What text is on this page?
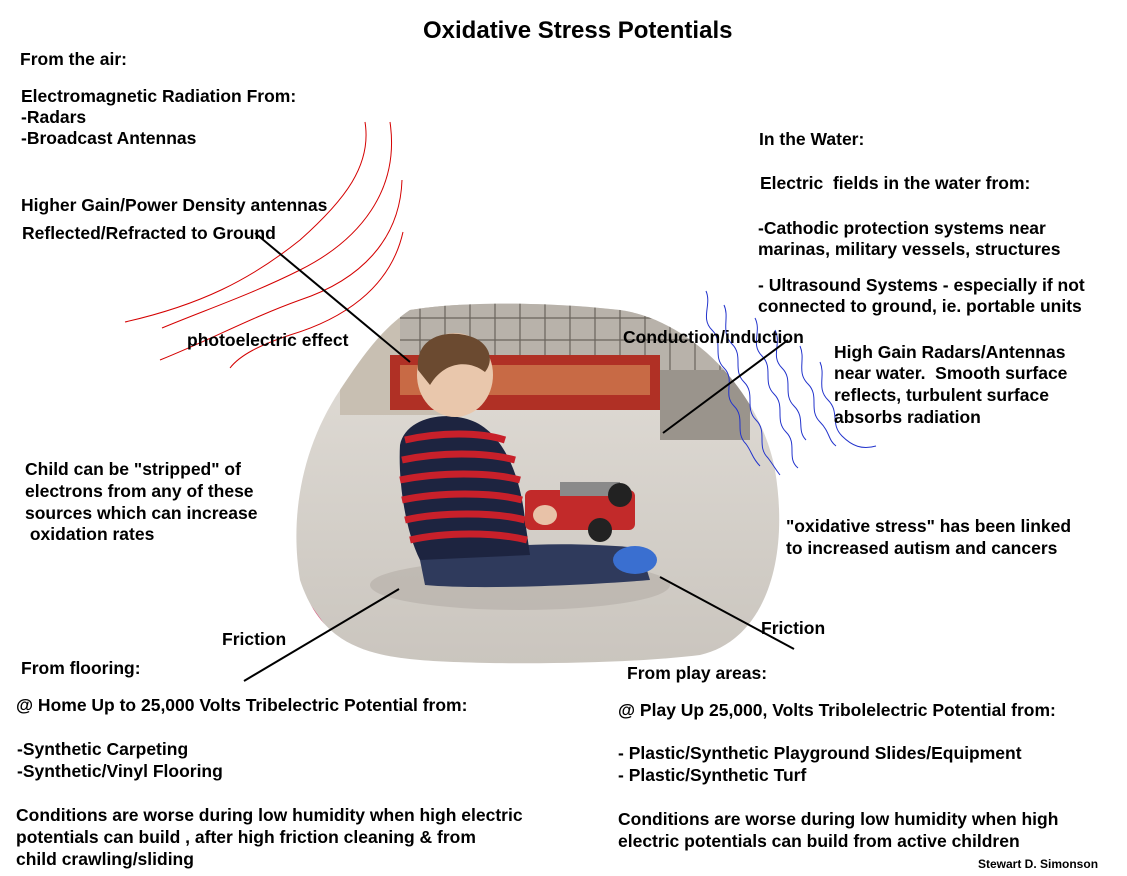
Oxidative Stress Potentials
From the air:
Electromagnetic Radiation From:
-Radars
-Broadcast Antennas
Higher Gain/Power Density antennas
Reflected/Refracted to Ground
photoelectric effect
In the Water:
Electric  fields in the water from:
-Cathodic protection systems near
marinas, military vessels, structures
- Ultrasound Systems - especially if not
connected to ground, ie. portable units
Conduction/induction
High Gain Radars/Antennas
near water.  Smooth surface
reflects, turbulent surface
absorbs radiation
Child can be "stripped" of
electrons from any of these
sources which can increase
oxidation rates	"oxidative stress" has been linked
to increased autism and cancers
Friction
Friction
From flooring:
@ Home Up to 25,000 Volts Tribelectric Potential from:
-Synthetic Carpeting
-Synthetic/Vinyl Flooring
Conditions are worse during low humidity when high electric
potentials can build , after high friction cleaning & from
child crawling/sliding
From play areas:
@ Play Up 25,000, Volts Tribolelectric Potential from:
- Plastic/Synthetic Playground Slides/Equipment
- Plastic/Synthetic Turf
Conditions are worse during low humidity when high
electric potentials can build from active children
Stewart D. Simonson
